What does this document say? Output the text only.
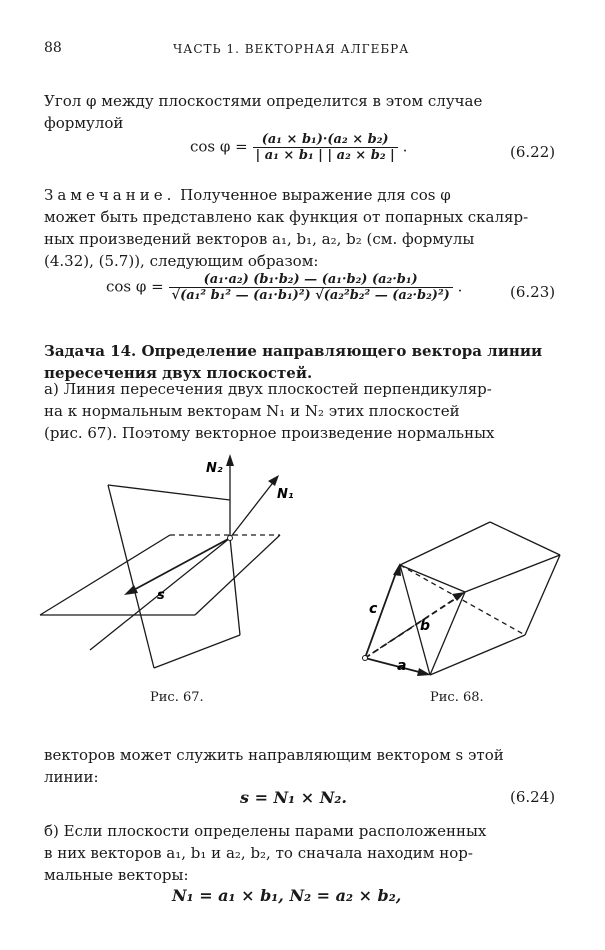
88	ЧАСТЬ 1. ВЕКТОРНАЯ АЛГЕБРА
Угол φ между плоскостями определится в этом случае
формулой
$\cos \varphi = \frac{\text{(a₁ × b₁)·(a₂ × b₂)}}{\text{| a₁ × b₁ | | a₂ × b₂ |}}$ .	(6.22)
Замечание. Полученное выражение для cos φ
может быть представлено как функция от попарных скаляр-
ных произведений векторов a₁, b₁, a₂, b₂ (см. формулы
(4.32), (5.7)), следующим образом:
$\cos \varphi = \frac{\text{(a₁·a₂) (b₁·b₂) — (a₁·b₂) (a₂·b₁)}}{\text{√(a₁² b₁² — (a₁·b₁)²) √(a₂²b₂² — (a₂·b₂)²)}}$ .	(6.23)
Задача 14. Определение направляющего вектора линии
пересечения двух плоскостей.
а) Линия пересечения двух плоскостей перпендикуляр-
на к нормальным векторам N₁ и N₂ этих плоскостей
(рис. 67). Поэтому векторное произведение нормальных
N₂
N₁
s
Рис. 67.
c
b
a
Рис. 68.
векторов может служить направляющим вектором s этой
линии:
s = N₁ × N₂.	(6.24)
б) Если плоскости определены парами расположенных
в них векторов a₁, b₁ и a₂, b₂, то сначала находим нор-
мальные векторы:
N₁ = a₁ × b₁, N₂ = a₂ × b₂,
